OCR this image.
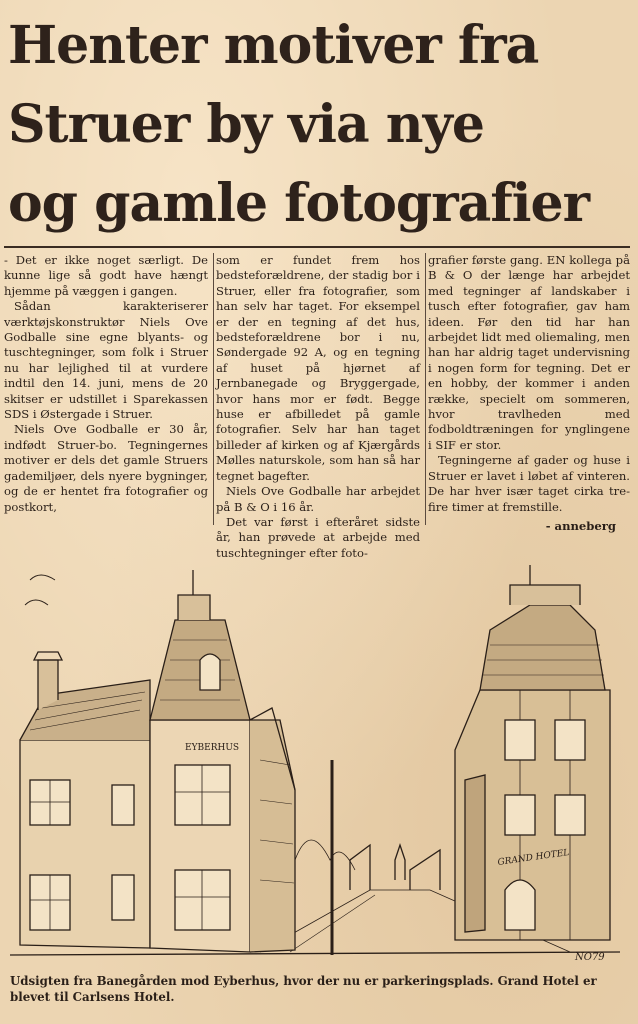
Henter motiver fra
Struer by via nye
og gamle fotografier

- Det er ikke noget særligt. De kunne lige så godt have hængt hjemme på væggen i gangen.

Sådan karakteriserer værktøjskonstruktør Niels Ove Godballe sine egne blyants- og tuschtegninger, som folk i Struer nu har lejlighed til at vurdere indtil den 14. juni, mens de 20 skitser er udstillet i Sparekassen SDS i Østergade i Struer.

Niels Ove Godballe er 30 år, indfødt Struer-bo. Tegningernes motiver er dels det gamle Struers gademiljøer, dels nyere bygninger, og de er hentet fra fotografier og postkort,

som er fundet frem hos bedsteforældrene, der stadig bor i Struer, eller fra fotografier, som han selv har taget. For eksempel er der en tegning af det hus, bedsteforældrene bor i nu, Søndergade 92 A, og en tegning af huset på hjørnet af Jernbanegade og Bryggergade, hvor hans mor er født. Begge huse er afbilledet på gamle fotografier. Selv har han taget billeder af kirken og af Kjærgårds Mølles naturskole, som han så har tegnet bagefter.

Niels Ove Godballe har arbejdet på B & O i 16 år.

Det var først i efteråret sidste år, han prøvede at arbejde med tuschtegninger efter foto-

grafier første gang. EN kollega på B & O der længe har arbejdet med tegninger af landskaber i tusch efter fotografier, gav ham ideen. Før den tid har han arbejdet lidt med oliemaling, men han har aldrig taget undervisning i nogen form for tegning. Det er en hobby, der kommer i anden række, specielt om sommeren, hvor travlheden med fodboldtræningen for ynglingene i SIF er stor.

Tegningerne af gader og huse i Struer er lavet i løbet af vinteren. De har hver især taget cirka tre-fire timer at fremstille.

- anneberg
EYBERHUS
GRAND HOTEL
NO79
Udsigten fra Banegården mod Eyberhus, hvor der nu er parkeringsplads. Grand Hotel er blevet til Carlsens Hotel.
